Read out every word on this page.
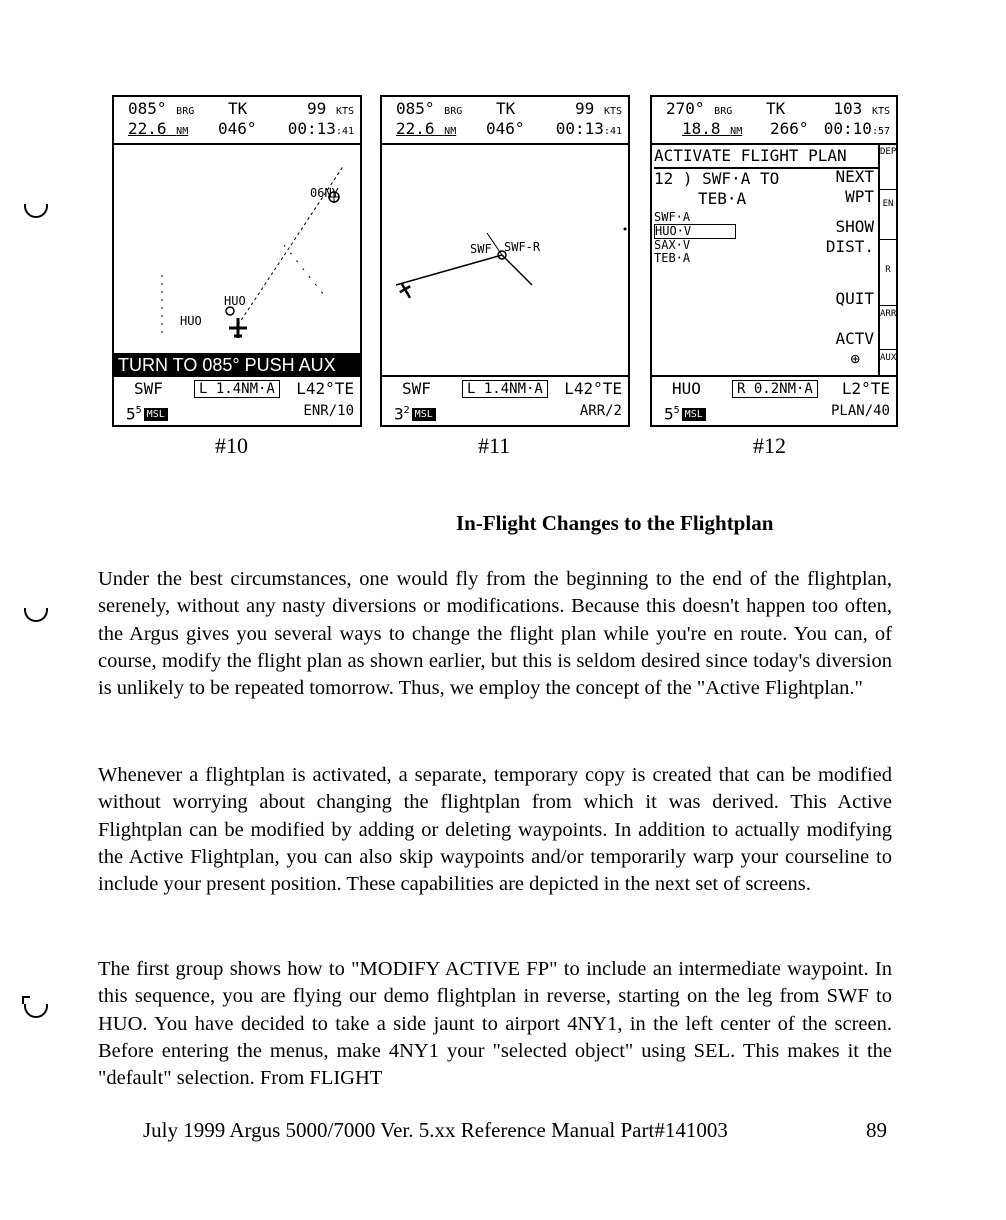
085° BRG TK	99 KTS
22.6 NM 046° 00:13:41
06NY
HUO
HUO
TURN TO 085° PUSH AUX
SWF
$5^5$ MSL
L 1.4NM·A	L42°TE
ENR/10
#10
085° BRG TK	99 KTS
22.6 NM 046° 00:13:41
SWF SWF-R
SWF
$3^2$ MSL
L 1.4NM·A	L42°TE
ARR/2
#11
270° BRG TK	103 KTS
18.8 NM 266° 00:10:57
ACTIVATE FLIGHT PLAN
12 ) SWF·A TO
TEB·A
SWF·A
HUO·V
SAX·V
TEB·A
NEXT
WPT
SHOW
DIST.
QUIT
ACTV
⊕
DEP
EN
R
ARR
AUX
HUO
$5^5$ MSL
R 0.2NM·A	L2°TE
PLAN/40
#12
In-Flight Changes to the Flightplan
Under the best circumstances, one would fly from the beginning to the end of the flightplan, serenely, without any nasty diversions or modifications. Because this doesn't happen too often, the Argus gives you several ways to change the flight plan while you're en route. You can, of course, modify the flight plan as shown earlier, but this is seldom desired since today's diversion is unlikely to be repeated tomorrow. Thus, we employ the concept of the "Active Flightplan."
Whenever a flightplan is activated, a separate, temporary copy is created that can be modified without worrying about changing the flightplan from which it was derived. This Active Flightplan can be modified by adding or deleting waypoints. In addition to actually modifying the Active Flightplan, you can also skip waypoints and/or temporarily warp your courseline to include your present position. These capabilities are depicted in the next set of screens.
The first group shows how to "MODIFY ACTIVE FP" to include an intermediate waypoint. In this sequence, you are flying our demo flightplan in reverse, starting on the leg from SWF to HUO. You have decided to take a side jaunt to airport 4NY1, in the left center of the screen. Before entering the menus, make 4NY1 your "selected object" using SEL. This makes it the "default" selection. From FLIGHT
July 1999 Argus 5000/7000 Ver. 5.xx Reference Manual Part#141003	89
